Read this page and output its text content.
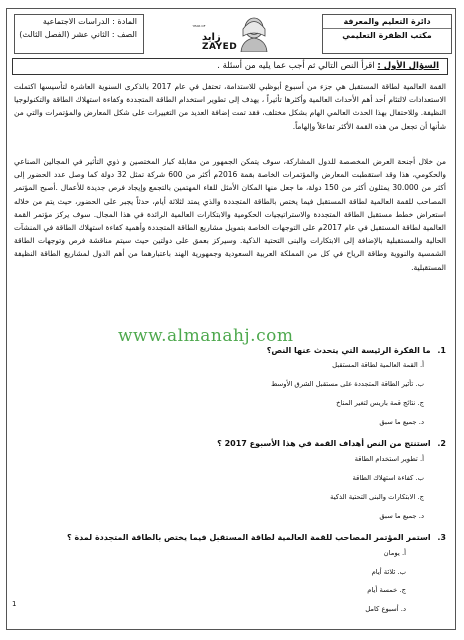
دائرة التعليم والمعرفة
مكتب الظفرة التعليمي
YEAR OF
زايد
ZAYED
المادة : الدراسات الاجتماعية
الصف : الثاني عشر (الفصل الثالث)
السؤال الأول : اقرأ النص التالي ثم أجب عما يليه من أسئلة .
القمة العالمية لطاقة المستقبل هي جزء من أسبوع أبوظبي للاستدامة، تحتفل في عام 2017 بالذكرى السنوية العاشرة لتأسيسها اكتملت الاستعدادات لالتئام أحد أهم الأحداث العالمية وأكثرها تأثيراً ، يهدف إلى تطوير استخدام الطاقة المتجددة وكفاءة استهلاك الطاقة والتكنولوجيا النظيفة. وللاحتفال بهذا الحدث العالمي الهام بشكل مختلف، فقد تمت إضافة العديد من التغييرات على شكل المعارض والمؤتمرات والتي من شأنها أن تجعل من هذه القمة الأكثر تفاعلاً وإلهاماً.
من خلال أجنحة العرض المخصصة للدول المشاركة، سوف يتمكن الجمهور من مقابلة كبار المختصين و ذوي التأثير في المجالين الصناعي والحكومي، هذا وقد استقطبت المعارض والمؤتمرات الخاصة بقمة 2016م أكثر من 600 شركة تمثل 32 دولة كما وصل عدد الحضور إلى أكثر من 30.000 يمثلون أكثر من 150 دولة، ما جعل منها المكان الأمثل للقاء المهتمين بالتجمع وإيجاد فرص جديدة للأعمال .أصبح المؤتمر المصاحب للقمة العالمية لطاقة المستقبل فيما يختص بالطاقة المتجددة والذي يمتد لثلاثة أيام، حدثاً يجبر على الحضور، حيث يتم من خلاله استعراض خطط مستقبل الطاقة المتجددة والاستراتيجيات الحكومية والابتكارات العالمية الرائدة في هذا المجال. سوف يركز مؤتمر القمة العالمية لطاقة المستقبل في عام 2017م على التوجهات الخاصة بتمويل مشاريع الطاقة المتجددة وأهمية كفاءة استهلاك الطاقة في المنشآت الحالية والمستقبلية بالإضافة إلى الابتكارات والبنى التحتية الذكية. وسيركز بعمق على دولتين حيث سيتم مناقشة فرص وتوجهات الطاقة الشمسية والنووية وطاقة الرياح في كل من المملكة العربية السعودية وجمهورية الهند باعتبارهما من أهم الدول لمشاريع الطاقة النظيفة المستقبلية.
www.almanahj.com
1. ما الفكرة الرئيسة التي يتحدث عنها النص؟
أ. القمة العالمية لطاقة المستقبل
ب. تأثير الطاقة المتجددة على مستقبل الشرق الأوسط
ج. نتائج قمة باريس لتغير المناخ
د. جميع ما سبق
2. استنتج من النص أهداف القمة في هذا الأسبوع 2017 ؟
أ. تطوير استخدام الطاقة
ب. كفاءة استهلاك الطاقة
ج. الابتكارات والبنى التحتية الذكية
د. جميع ما سبق
3. استمر المؤتمر المصاحب للقمة العالمية لطاقة المستقبل فيما يختص بالطاقة المتجددة لمدة ؟
أ. يومان
ب. ثلاثة أيام
ج. خمسة أيام
د. أسبوع كامل
1
